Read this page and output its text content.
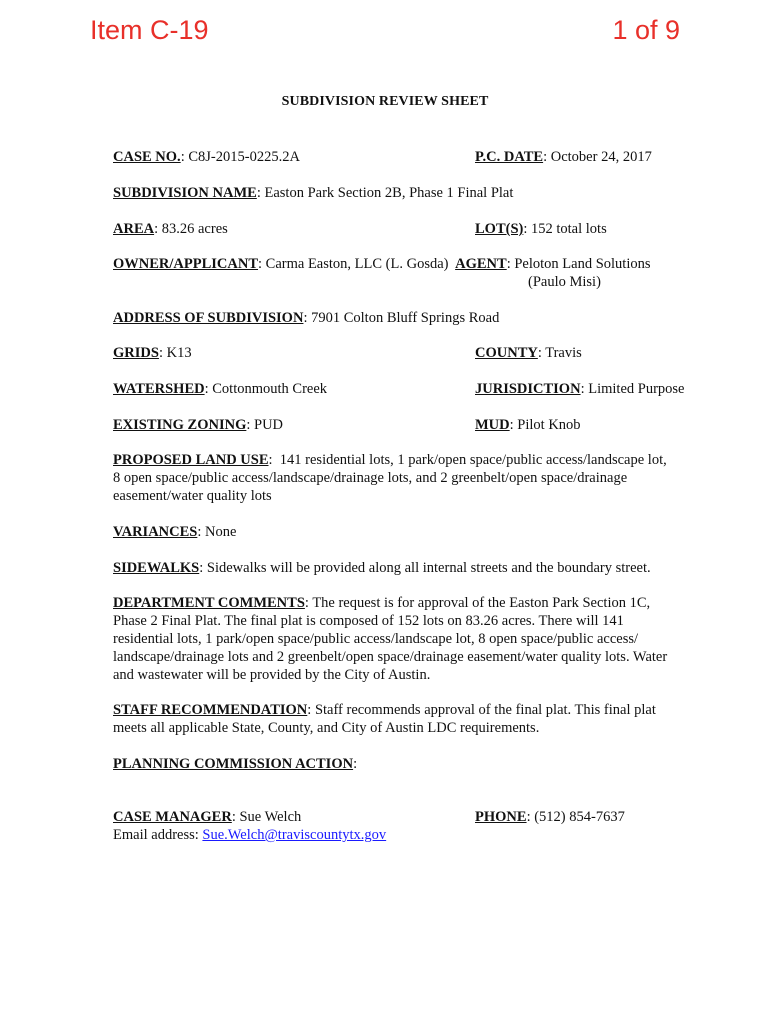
Item C-19	1 of 9
SUBDIVISION REVIEW SHEET
CASE NO.: C8J-2015-0225.2A	P.C. DATE: October 24, 2017
SUBDIVISION NAME: Easton Park Section 2B, Phase 1 Final Plat
AREA: 83.26 acres	LOT(S): 152 total lots
OWNER/APPLICANT: Carma Easton, LLC (L. Gosda) AGENT: Peloton Land Solutions
(Paulo Misi)
ADDRESS OF SUBDIVISION: 7901 Colton Bluff Springs Road
GRIDS: K13	COUNTY: Travis
WATERSHED: Cottonmouth Creek	JURISDICTION: Limited Purpose
EXISTING ZONING: PUD	MUD: Pilot Knob
PROPOSED LAND USE:  141 residential lots, 1 park/open space/public access/landscape lot,
8 open space/public access/landscape/drainage lots, and 2 greenbelt/open space/drainage
easement/water quality lots
VARIANCES: None
SIDEWALKS: Sidewalks will be provided along all internal streets and the boundary street.
DEPARTMENT COMMENTS: The request is for approval of the Easton Park Section 1C,
Phase 2 Final Plat. The final plat is composed of 152 lots on 83.26 acres. There will 141
residential lots, 1 park/open space/public access/landscape lot, 8 open space/public access/
landscape/drainage lots and 2 greenbelt/open space/drainage easement/water quality lots. Water
and wastewater will be provided by the City of Austin.
STAFF RECOMMENDATION: Staff recommends approval of the final plat. This final plat
meets all applicable State, County, and City of Austin LDC requirements.
PLANNING COMMISSION ACTION:
CASE MANAGER: Sue Welch	PHONE: (512) 854-7637
Email address: Sue.Welch@traviscountytx.gov
